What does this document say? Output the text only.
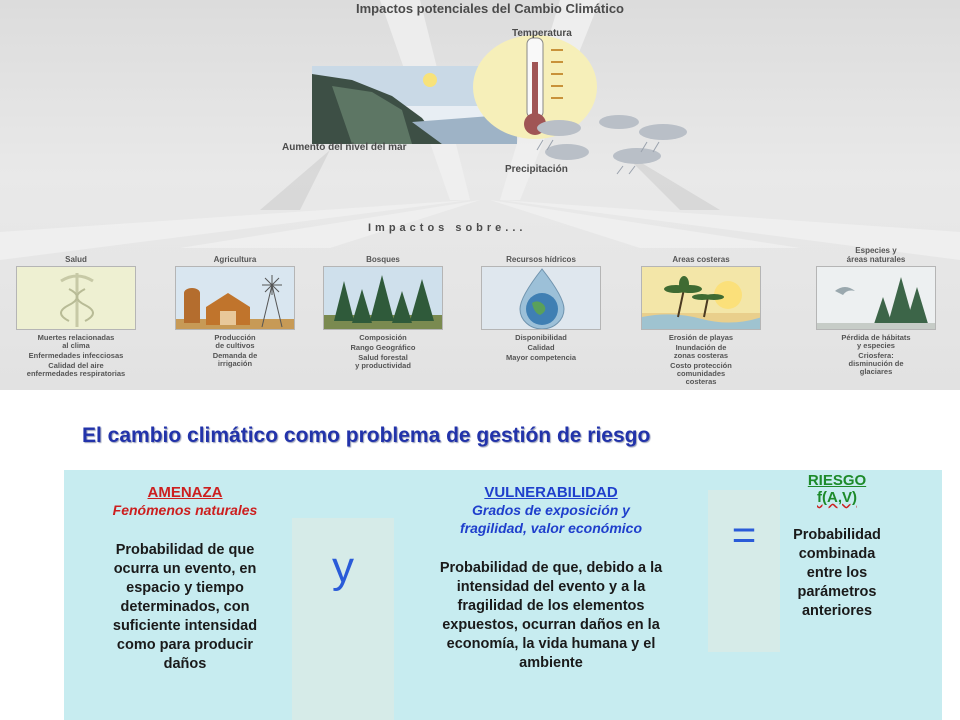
Impactos potenciales del Cambio Climático
Temperatura
Aumento del nivel del mar
Precipitación
Impactos sobre...
Salud
Muertes relacionadas
al clima
Enfermedades infecciosas
Calidad del aire
enfermedades respiratorias
Agricultura
Producción
de cultivos
Demanda de
irrigación
Bosques
Composición
Rango Geográfico
Salud forestal
y productividad
Recursos hídricos
Disponibilidad
Calidad
Mayor competencia
Areas costeras
Erosión de playas
Inundación de
zonas costeras
Costo protección
comunidades
costeras
Especies y
áreas naturales
Pérdida de hábitats
y especies
Criosfera:
disminución de
glaciares
El cambio climático como problema de gestión de riesgo
AMENAZA
Fenómenos naturales
Probabilidad de que
ocurra un evento, en
espacio y tiempo
determinados, con
suficiente intensidad
como para producir
daños
y
VULNERABILIDAD
Grados de exposición y
fragilidad, valor económico
Probabilidad de que, debido a la
intensidad del evento y a la
fragilidad de los elementos
expuestos, ocurran daños en la
economía, la vida humana y el
ambiente
=
RIESGO
f(A,V)
Probabilidad
combinada
entre los
parámetros
anteriores
